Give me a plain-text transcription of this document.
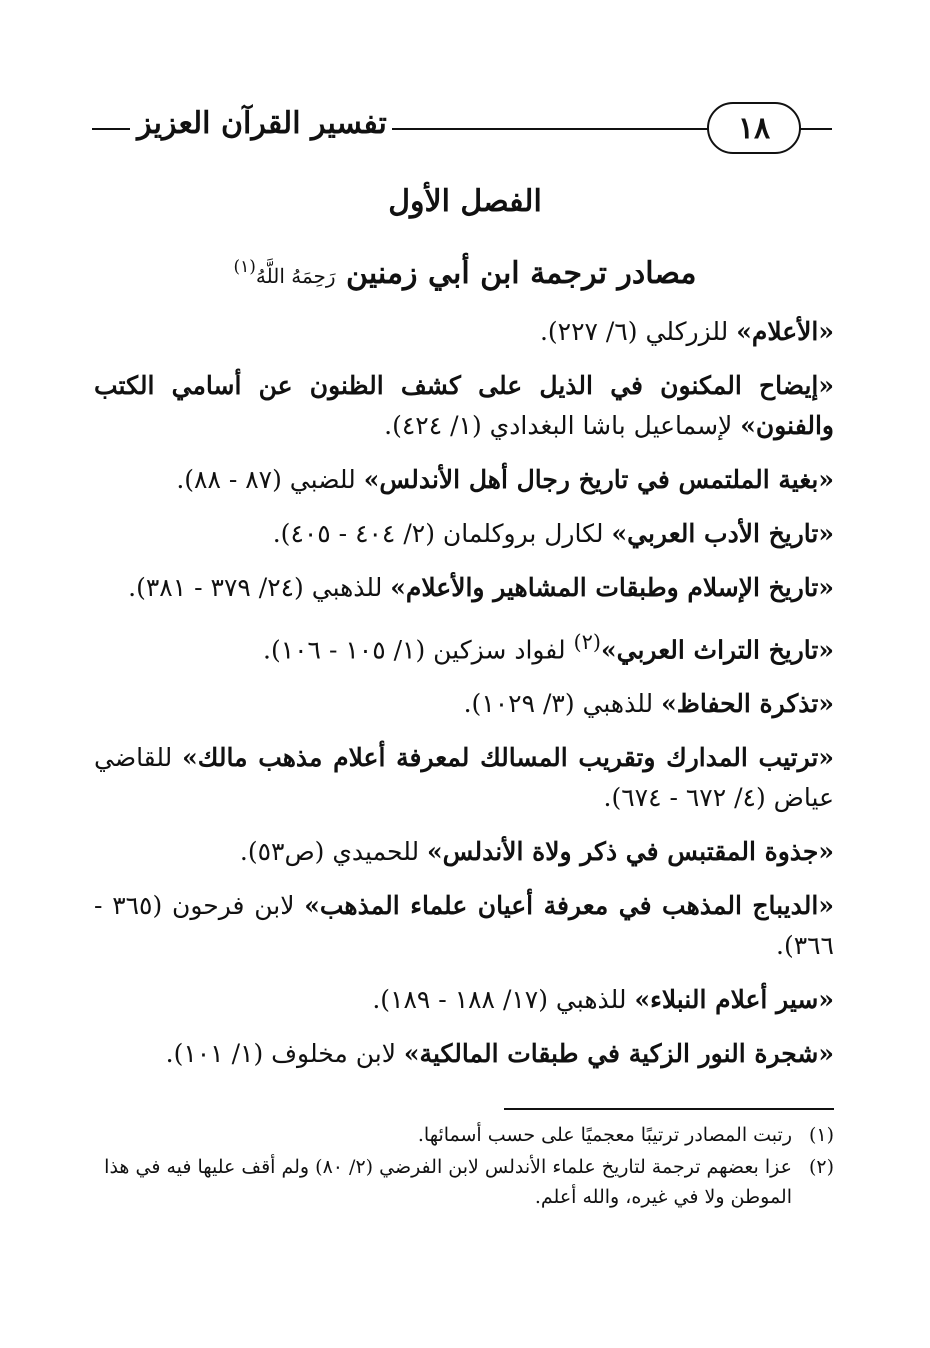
١٨
تفسير القرآن العزيز
الفصل الأول
مصادر ترجمة ابن أبي زمنين رَحِمَهُ اللَّهُ$^{(١)}$
«الأعلام» للزركلي (٦/ ٢٢٧).
«إيضاح المكنون في الذيل على كشف الظنون عن أسامي الكتب والفنون» لإسماعيل باشا البغدادي (١/ ٤٢٤).
«بغية الملتمس في تاريخ رجال أهل الأندلس» للضبي (٨٧ - ٨٨).
«تاريخ الأدب العربي» لكارل بروكلمان (٢/ ٤٠٤ - ٤٠٥).
«تاريخ الإسلام وطبقات المشاهير والأعلام» للذهبي (٢٤/ ٣٧٩ - ٣٨١).
«تاريخ التراث العربي»$^{(٢)}$ لفواد سزكين (١/ ١٠٥ - ١٠٦).
«تذكرة الحفاظ» للذهبي (٣/ ١٠٢٩).
«ترتيب المدارك وتقريب المسالك لمعرفة أعلام مذهب مالك» للقاضي عياض (٤/ ٦٧٢ - ٦٧٤).
«جذوة المقتبس في ذكر ولاة الأندلس» للحميدي (ص٥٣).
«الديباج المذهب في معرفة أعيان علماء المذهب» لابن فرحون (٣٦٥ - ٣٦٦).
«سير أعلام النبلاء» للذهبي (١٧/ ١٨٨ - ١٨٩).
«شجرة النور الزكية في طبقات المالكية» لابن مخلوف (١/ ١٠١).
(١)
رتبت المصادر ترتيبًا معجميًا على حسب أسمائها.
(٢)
عزا بعضهم ترجمة لتاريخ علماء الأندلس لابن الفرضي (٢/ ٨٠) ولم أقف عليها فيه في هذا الموطن ولا في غيره، والله أعلم.
